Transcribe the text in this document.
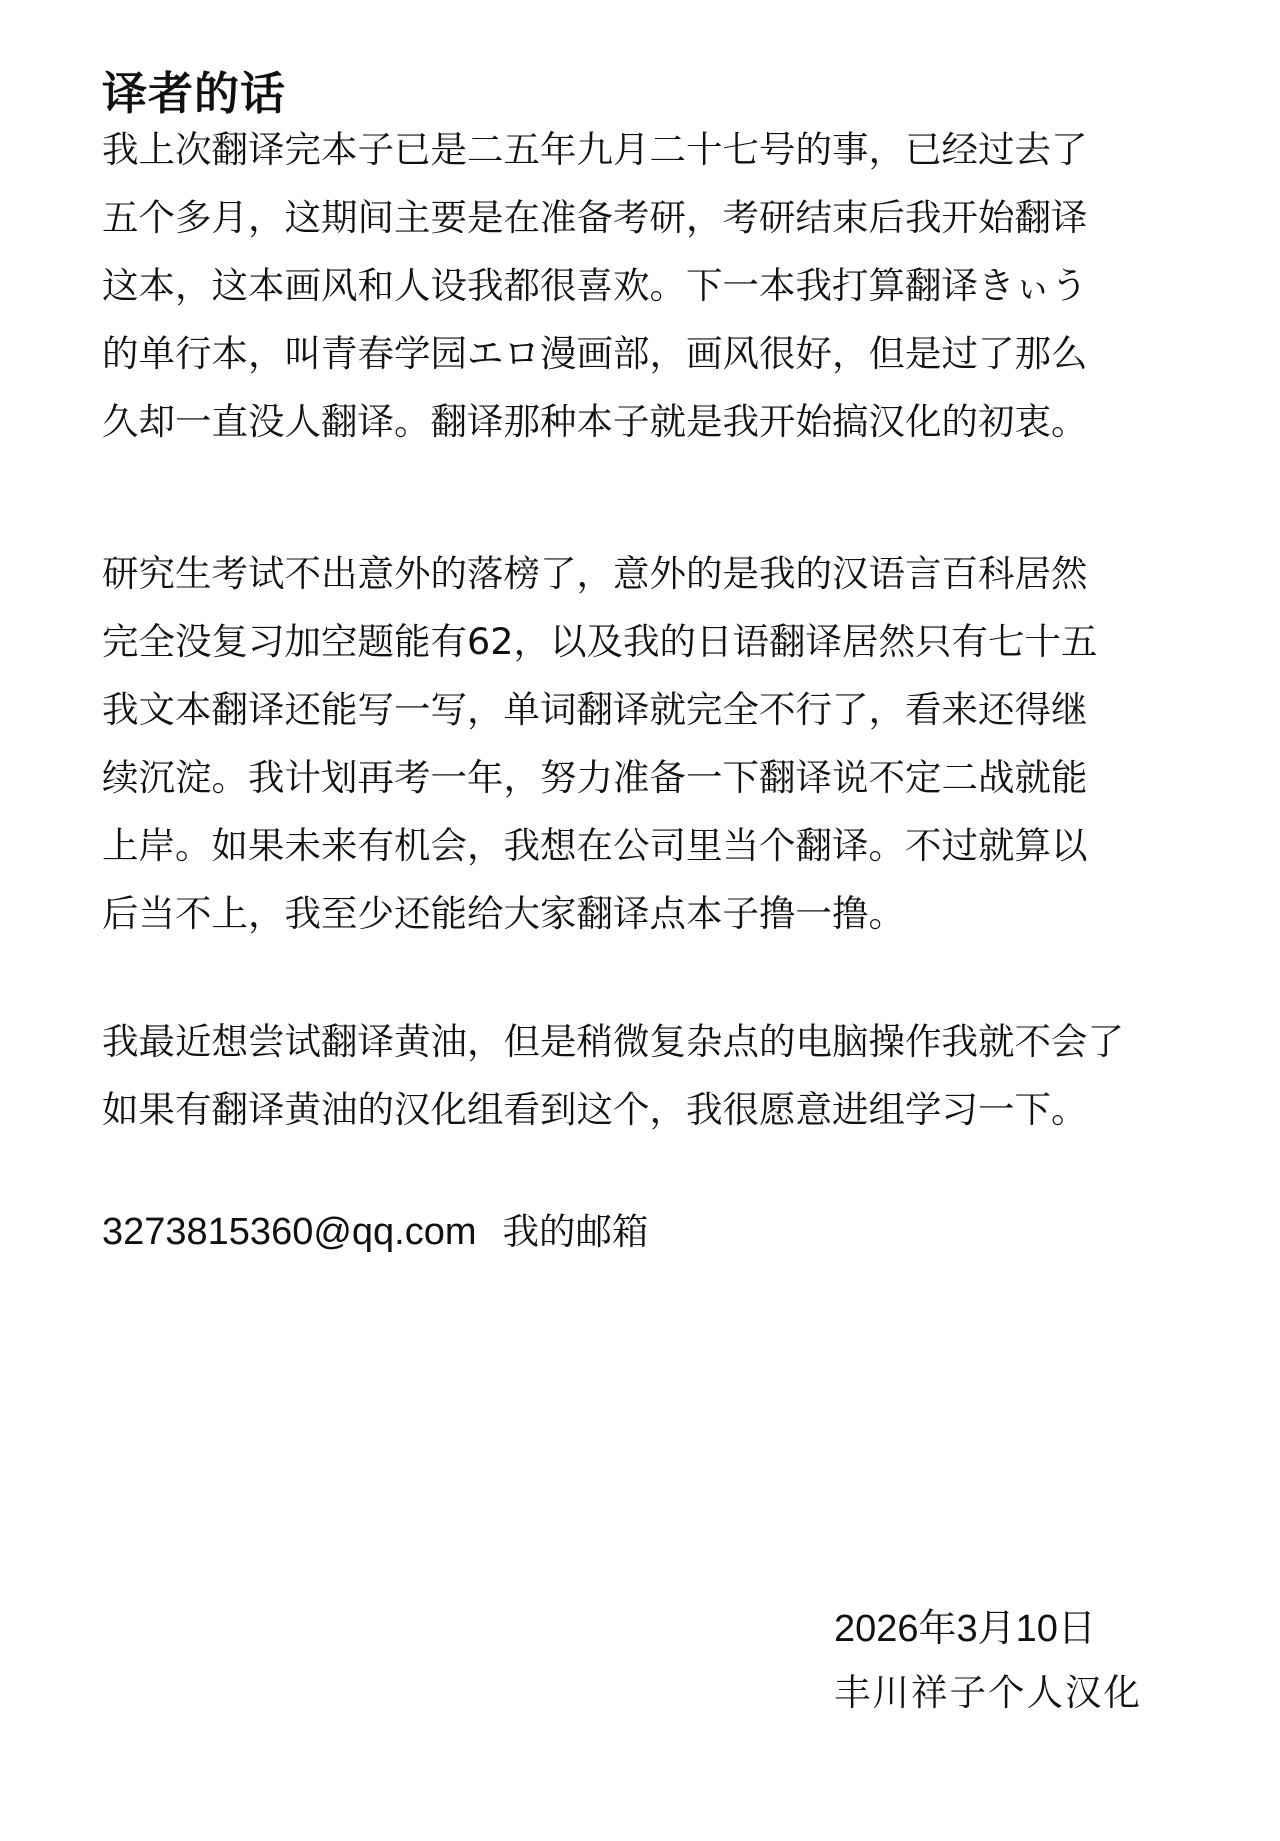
译者的话

我上次翻译完本子已是二五年九月二十七号的事，已经过去了
五个多月，这期间主要是在准备考研，考研结束后我开始翻译
这本，这本画风和人设我都很喜欢。下一本我打算翻译きぃう
的单行本，叫青春学园エロ漫画部，画风很好，但是过了那么
久却一直没人翻译。翻译那种本子就是我开始搞汉化的初衷。

研究生考试不出意外的落榜了，意外的是我的汉语言百科居然
完全没复习加空题能有62，以及我的日语翻译居然只有七十五
我文本翻译还能写一写，单词翻译就完全不行了，看来还得继
续沉淀。我计划再考一年，努力准备一下翻译说不定二战就能
上岸。如果未来有机会，我想在公司里当个翻译。不过就算以
后当不上，我至少还能给大家翻译点本子撸一撸。

我最近想尝试翻译黄油，但是稍微复杂点的电脑操作我就不会了
如果有翻译黄油的汉化组看到这个，我很愿意进组学习一下。

3273815360@qq.com 我的邮箱
2026年3月10日
丰川祥子个人汉化
